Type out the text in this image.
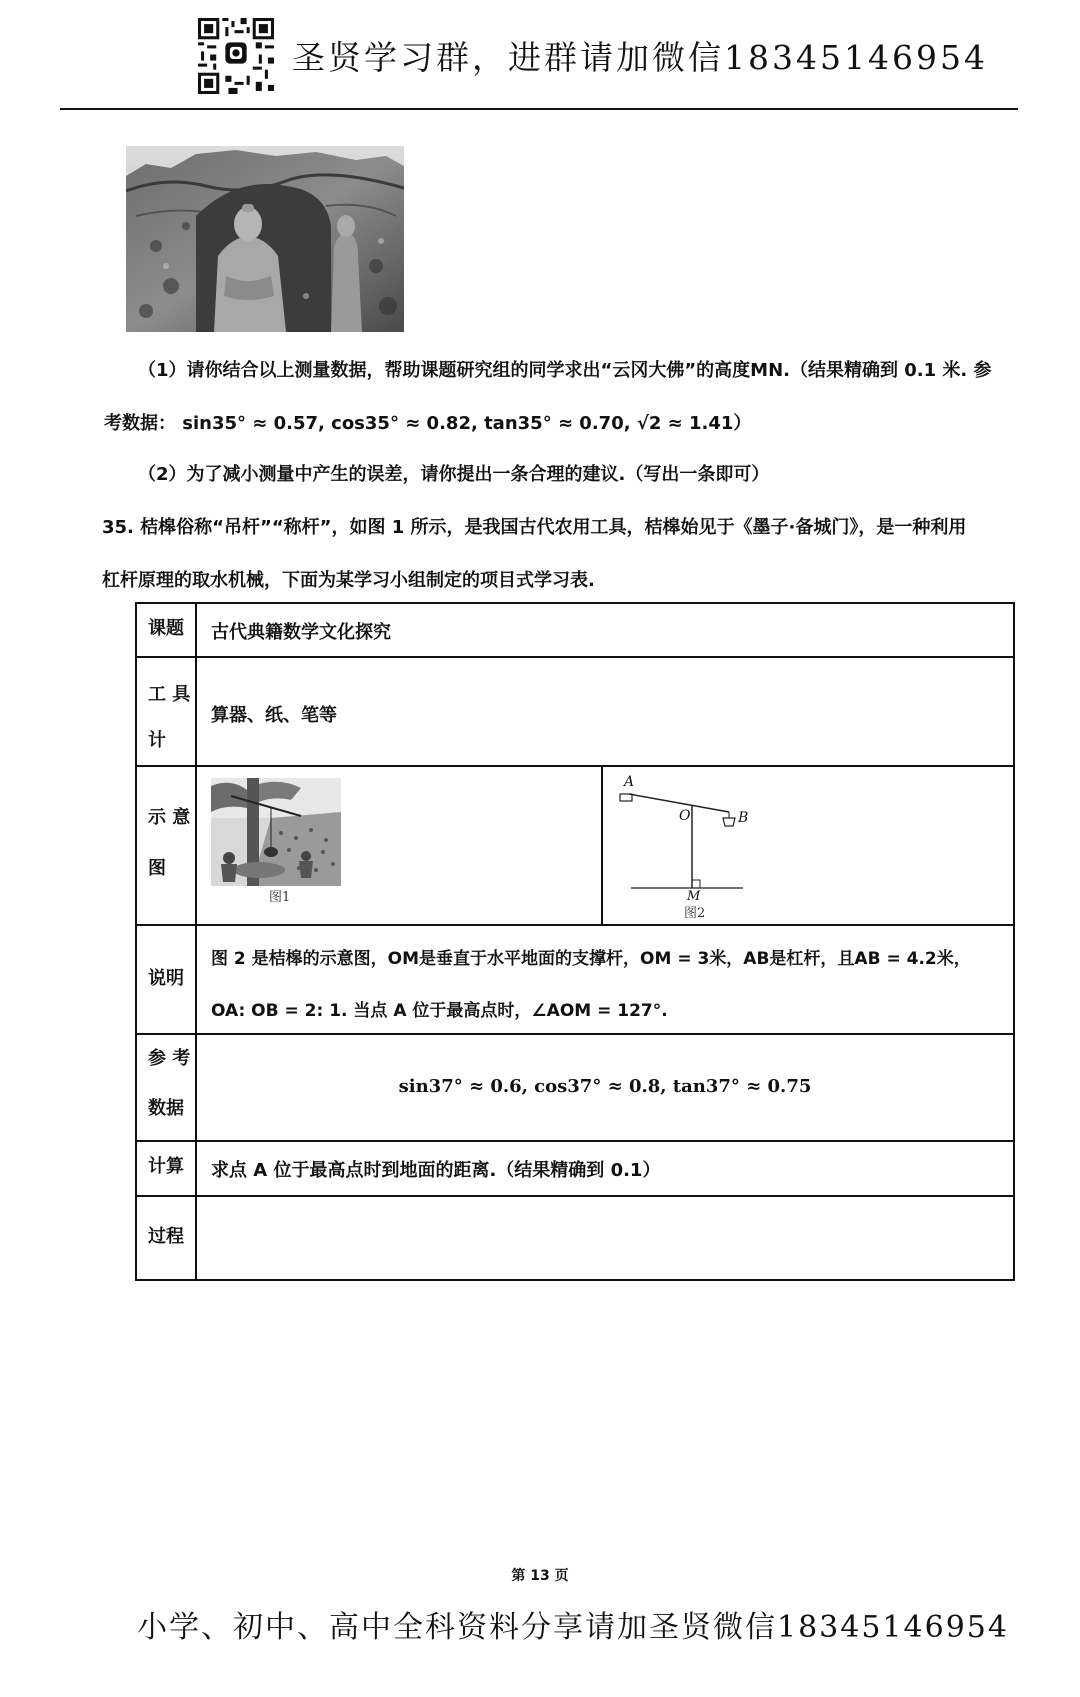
圣贤学习群，进群请加微信18345146954
（1）请你结合以上测量数据，帮助课题研究组的同学求出“云冈大佛”的高度MN.（结果精确到 0.1 米. 参
考数据： sin35° ≈ 0.57, cos35° ≈ 0.82, tan35° ≈ 0.70, √2 ≈ 1.41）
（2）为了减小测量中产生的误差，请你提出一条合理的建议.（写出一条即可）
35. 桔槔俗称“吊杆”“称杆”，如图 1 所示，是我国古代农用工具，桔槔始见于《墨子·备城门》，是一种利用
杠杆原理的取水机械，下面为某学习小组制定的项目式学习表.
课题	古代典籍数学文化探究
工 具
计
算器、纸、笔等
示 意
图
图1
A
B
O
M
图2
说明
图 2 是桔槔的示意图，OM是垂直于水平地面的支撑杆，OM = 3米，AB是杠杆，且AB = 4.2米，
OA: OB = 2: 1. 当点 A 位于最高点时，∠AOM = 127°.
参 考
数据
sin37° ≈ 0.6, cos37° ≈ 0.8, tan37° ≈ 0.75
计算	求点 A 位于最高点时到地面的距离.（结果精确到 0.1）
过程
第 13 页
小学、初中、高中全科资料分享请加圣贤微信18345146954
